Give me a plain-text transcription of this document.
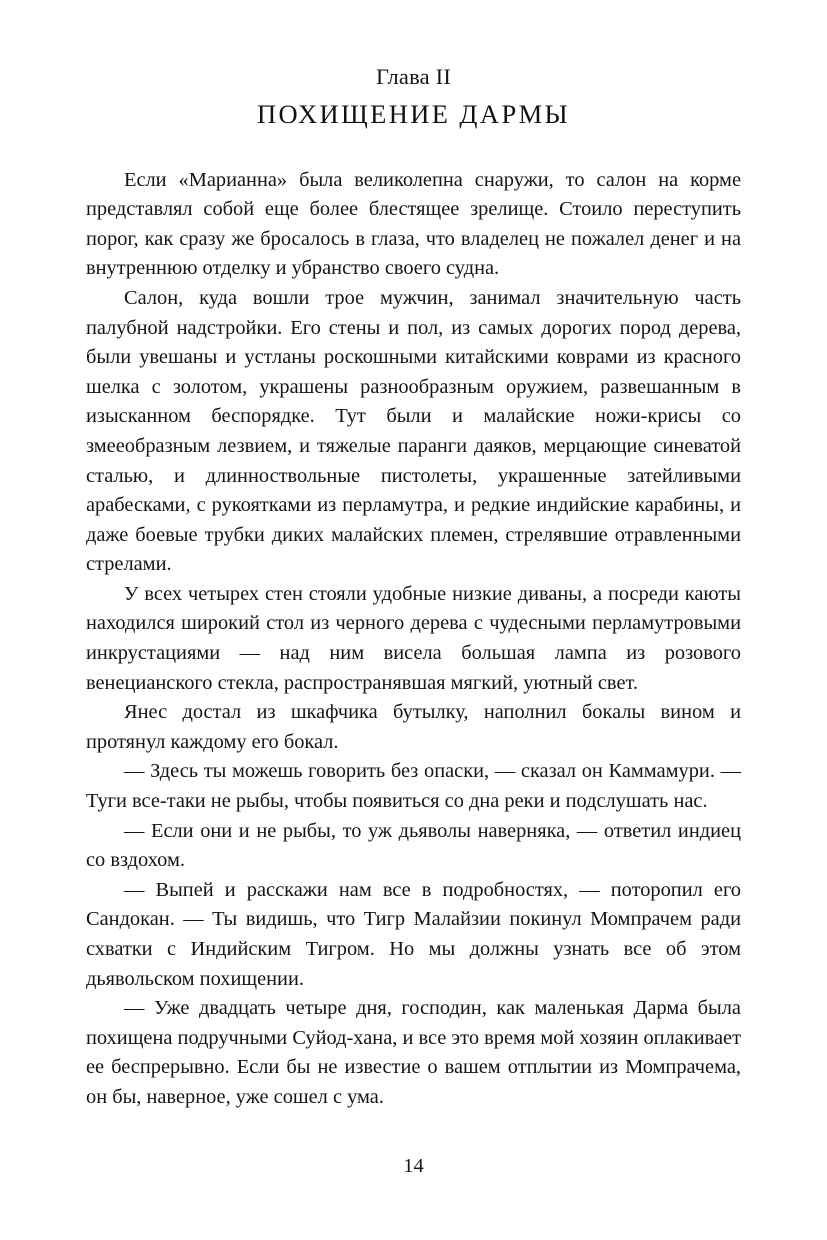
Глава II
ПОХИЩЕНИЕ ДАРМЫ

Если «Марианна» была великолепна снаружи, то салон на корме представлял собой еще более блестящее зрелище. Стоило переступить порог, как сразу же бросалось в глаза, что владелец не пожалел денег и на внутреннюю отделку и убранство своего судна.

Салон, куда вошли трое мужчин, занимал значительную часть палубной надстройки. Его стены и пол, из самых дорогих пород дерева, были увешаны и устланы роскошными китайскими коврами из красного шелка с золотом, украшены разнообразным оружием, развешанным в изысканном беспорядке. Тут были и малайские ножи-крисы со змееобразным лезвием, и тяжелые паранги даяков, мерцающие синеватой сталью, и длинноствольные пистолеты, украшенные затейливыми арабесками, с рукоятками из перламутра, и редкие индийские карабины, и даже боевые трубки диких малайских племен, стрелявшие отравленными стрелами.

У всех четырех стен стояли удобные низкие диваны, а посреди каюты находился широкий стол из черного дерева с чудесными перламутровыми инкрустациями — над ним висела большая лампа из розового венецианского стекла, распространявшая мягкий, уютный свет.

Янес достал из шкафчика бутылку, наполнил бокалы вином и протянул каждому его бокал.

— Здесь ты можешь говорить без опаски, — сказал он Каммамури. — Туги все-таки не рыбы, чтобы появиться со дна реки и подслушать нас.

— Если они и не рыбы, то уж дьяволы наверняка, — ответил индиец со вздохом.

— Выпей и расскажи нам все в подробностях, — поторопил его Сандокан. — Ты видишь, что Тигр Малайзии покинул Момпрачем ради схватки с Индийским Тигром. Но мы должны узнать все об этом дьявольском похищении.

— Уже двадцать четыре дня, господин, как маленькая Дарма была похищена подручными Суйод-хана, и все это время мой хозяин оплакивает ее беспрерывно. Если бы не известие о вашем отплытии из Момпрачема, он бы, наверное, уже сошел с ума.

14
